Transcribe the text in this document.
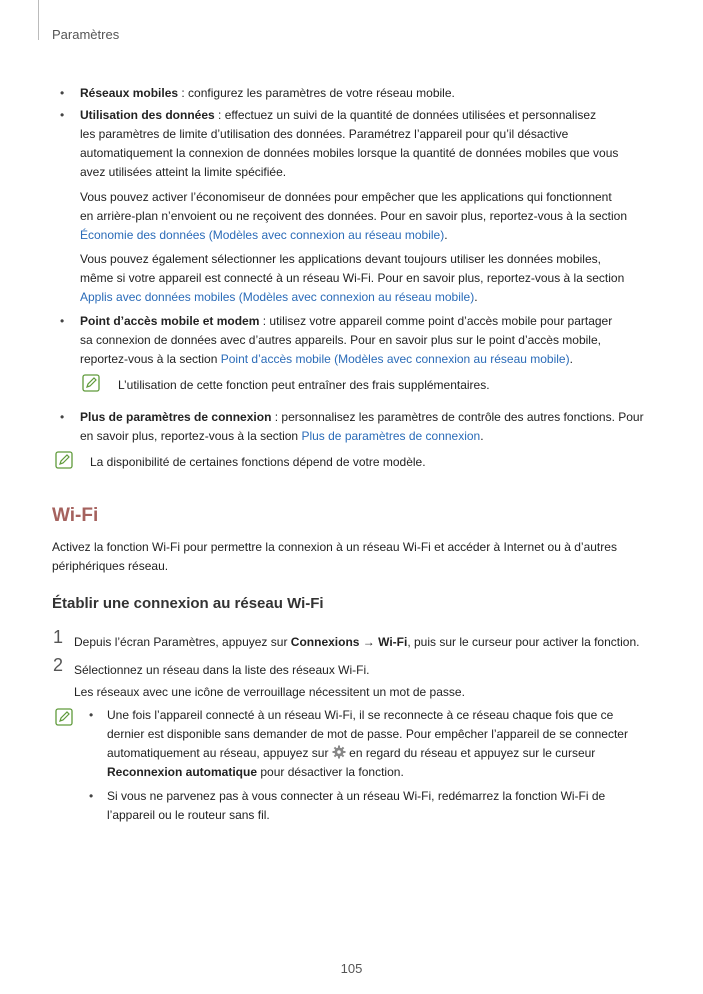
Paramètres
• Réseaux mobiles : configurez les paramètres de votre réseau mobile.
• Utilisation des données : effectuez un suivi de la quantité de données utilisées et personnalisez
les paramètres de limite d’utilisation des données. Paramétrez l’appareil pour qu’il désactive
automatiquement la connexion de données mobiles lorsque la quantité de données mobiles que vous
avez utilisées atteint la limite spécifiée.
Vous pouvez activer l’économiseur de données pour empêcher que les applications qui fonctionnent
en arrière-plan n’envoient ou ne reçoivent des données. Pour en savoir plus, reportez-vous à la section
Économie des données (Modèles avec connexion au réseau mobile).
Vous pouvez également sélectionner les applications devant toujours utiliser les données mobiles,
même si votre appareil est connecté à un réseau Wi-Fi. Pour en savoir plus, reportez-vous à la section
Applis avec données mobiles (Modèles avec connexion au réseau mobile).
• Point d’accès mobile et modem : utilisez votre appareil comme point d’accès mobile pour partager
sa connexion de données avec d’autres appareils. Pour en savoir plus sur le point d’accès mobile,
reportez-vous à la section Point d’accès mobile (Modèles avec connexion au réseau mobile).
L’utilisation de cette fonction peut entraîner des frais supplémentaires.
• Plus de paramètres de connexion : personnalisez les paramètres de contrôle des autres fonctions. Pour
en savoir plus, reportez-vous à la section Plus de paramètres de connexion.
La disponibilité de certaines fonctions dépend de votre modèle.
Wi-Fi
Activez la fonction Wi-Fi pour permettre la connexion à un réseau Wi-Fi et accéder à Internet ou à d’autres
périphériques réseau.
Établir une connexion au réseau Wi-Fi
1 Depuis l’écran Paramètres, appuyez sur Connexions → Wi-Fi, puis sur le curseur pour activer la fonction.
2 Sélectionnez un réseau dans la liste des réseaux Wi-Fi.
Les réseaux avec une icône de verrouillage nécessitent un mot de passe.
• Une fois l’appareil connecté à un réseau Wi-Fi, il se reconnecte à ce réseau chaque fois que ce
dernier est disponible sans demander de mot de passe. Pour empêcher l’appareil de se connecter
automatiquement au réseau, appuyez sur  en regard du réseau et appuyez sur le curseur
Reconnexion automatique pour désactiver la fonction.
• Si vous ne parvenez pas à vous connecter à un réseau Wi-Fi, redémarrez la fonction Wi-Fi de
l’appareil ou le routeur sans fil.
105
